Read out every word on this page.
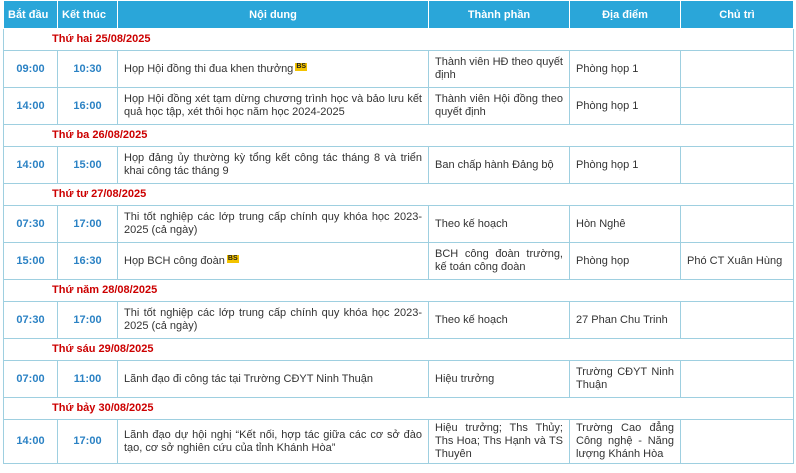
Bắt đầu	Kết thúc	Nội dung	Thành phần	Địa điểm	Chủ trì
Thứ hai 25/08/2025					
09:00	10:30	Họp Hội đồng thi đua khen thưởng BS	Thành viên HĐ theo quyết định	Phòng họp 1	
14:00	16:00	Họp Hội đồng xét tạm dừng chương trình học và bảo lưu kết quả học tập, xét thôi học năm học 2024-2025	Thành viên Hội đồng theo quyết định	Phòng họp 1	
Thứ ba 26/08/2025					
14:00	15:00	Họp đảng ủy thường kỳ tổng kết công tác tháng 8 và triển khai công tác tháng 9	Ban chấp hành Đảng bộ	Phòng họp 1	
Thứ tư 27/08/2025					
07:30	17:00	Thi tốt nghiệp các lớp trung cấp chính quy khóa học 2023-2025 (cả ngày)	Theo kế hoạch	Hòn Nghê	
15:00	16:30	Họp BCH công đoàn BS	BCH công đoàn trường, kế toán công đoàn	Phòng họp	Phó CT Xuân Hùng
Thứ năm 28/08/2025					
07:30	17:00	Thi tốt nghiệp các lớp trung cấp chính quy khóa học 2023-2025 (cả ngày)	Theo kế hoạch	27 Phan Chu Trinh	
Thứ sáu 29/08/2025					
07:00	11:00	Lãnh đạo đi công tác tại Trường CĐYT Ninh Thuận	Hiệu trưởng	Trường CĐYT Ninh Thuận	
Thứ bảy 30/08/2025					
14:00	17:00	Lãnh đạo dự hội nghị “Kết nối, hợp tác giữa các cơ sở đào tạo, cơ sở nghiên cứu của tỉnh Khánh Hòa”	Hiệu trưởng; Ths Thủy; Ths Hoa; Ths Hạnh và TS Thuyên	Trường Cao đẳng Công nghệ - Năng lượng Khánh Hòa	
